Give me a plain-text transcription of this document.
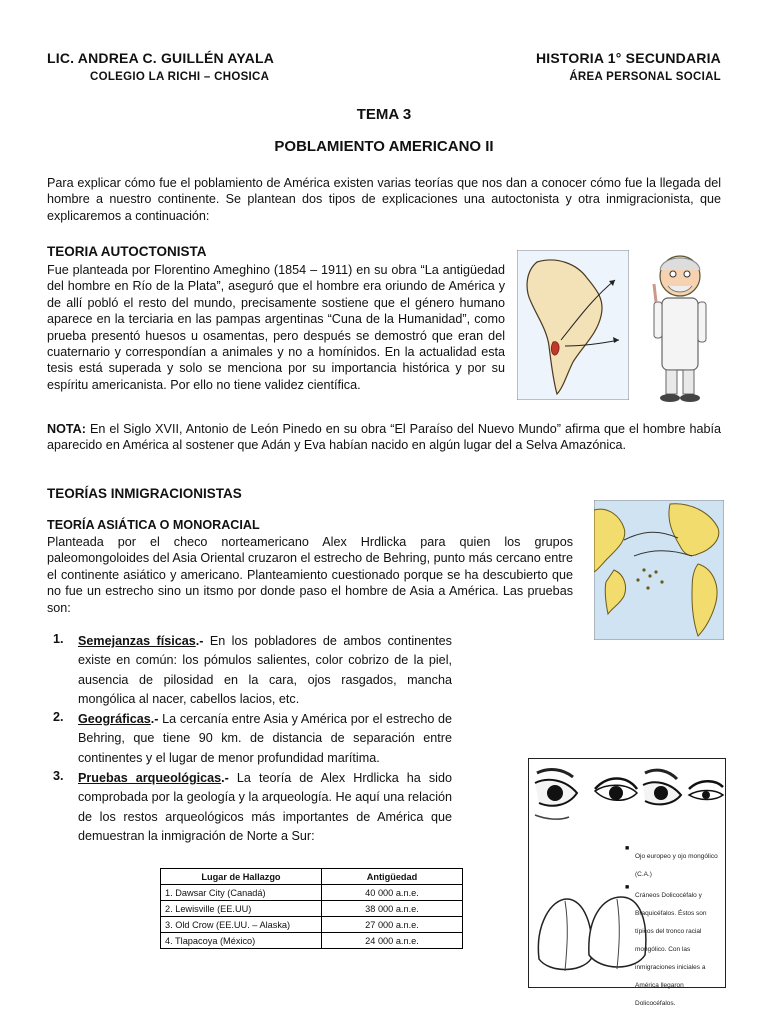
LIC. ANDREA C. GUILLÉN AYALA
COLEGIO LA RICHI – CHOSICA
HISTORIA 1° SECUNDARIA
ÁREA PERSONAL SOCIAL
TEMA 3
POBLAMIENTO AMERICANO II
Para explicar cómo fue el poblamiento de América existen varias teorías que nos dan a conocer cómo fue la llegada del hombre a nuestro continente. Se plantean dos tipos de explicaciones una autoctonista y otra inmigracionista, que explicaremos a continuación:
TEORIA AUTOCTONISTA
Fue planteada por Florentino Ameghino (1854 – 1911) en su obra “La antigüedad del hombre en Río de la Plata”, aseguró que el hombre era oriundo de América y de allí pobló el resto del mundo, precisamente sostiene que el género humano aparece en la terciaria en las pampas argentinas “Cuna de la Humanidad”, como prueba presentó huesos u osamentas, pero después se demostró que eran del cuaternario y correspondían a animales y no a homínidos. En la actualidad esta tesis está superada y solo se menciona por su importancia histórica y por su espíritu americanista. Por ello no tiene validez científica.
NOTA: En el Siglo XVII, Antonio de León Pinedo en su obra “El Paraíso del Nuevo Mundo” afirma que el hombre había aparecido en América al sostener que Adán y Eva habían nacido en algún lugar del a Selva Amazónica.
TEORÍAS INMIGRACIONISTAS
TEORÍA ASIÁTICA O MONORACIAL
Planteada por el checo norteamericano Alex Hrdlicka para quien los grupos paleomongoloides del Asia Oriental cruzaron el estrecho de Behring, punto más cercano entre el continente asiático y americano. Planteamiento cuestionado porque se ha descubierto que no fue un estrecho sino un itsmo por donde paso el hombre de Asia a América. Las pruebas son:
1. Semejanzas físicas.- En los pobladores de ambos continentes existe en común: los pómulos salientes, color cobrizo de la piel, ausencia de pilosidad en la cara, ojos rasgados, mancha mongólica al nacer, cabellos lacios, etc.
2. Geográficas.- La cercanía entre Asia y América por el estrecho de Behring, que tiene 90 km. de distancia de separación entre continentes y el lugar de menor profundidad marítima.
3. Pruebas arqueológicas.- La teoría de Alex Hrdlicka ha sido comprobada por la geología y la arqueología. He aquí una relación de los restos arqueológicos más importantes de América que demuestran la inmigración de Norte a Sur:
Lugar de Hallazgo	Antigüedad
1. Dawsar City (Canadá)	40 000 a.n.e.
2. Lewisville (EE.UU)	38 000 a.n.e.
3. Old Crow (EE.UU. – Alaska)	27 000 a.n.e.
4. Tlapacoya (México)	24 000 a.n.e.
■
Ojo europeo y ojo mongólico (C.A.)
■
Cráneos Dolicocéfalo y Braquicéfalos. Éstos son típicos del tronco racial mongólico. Con las inmigraciones iniciales a América llegaron Dolicocéfalos.
